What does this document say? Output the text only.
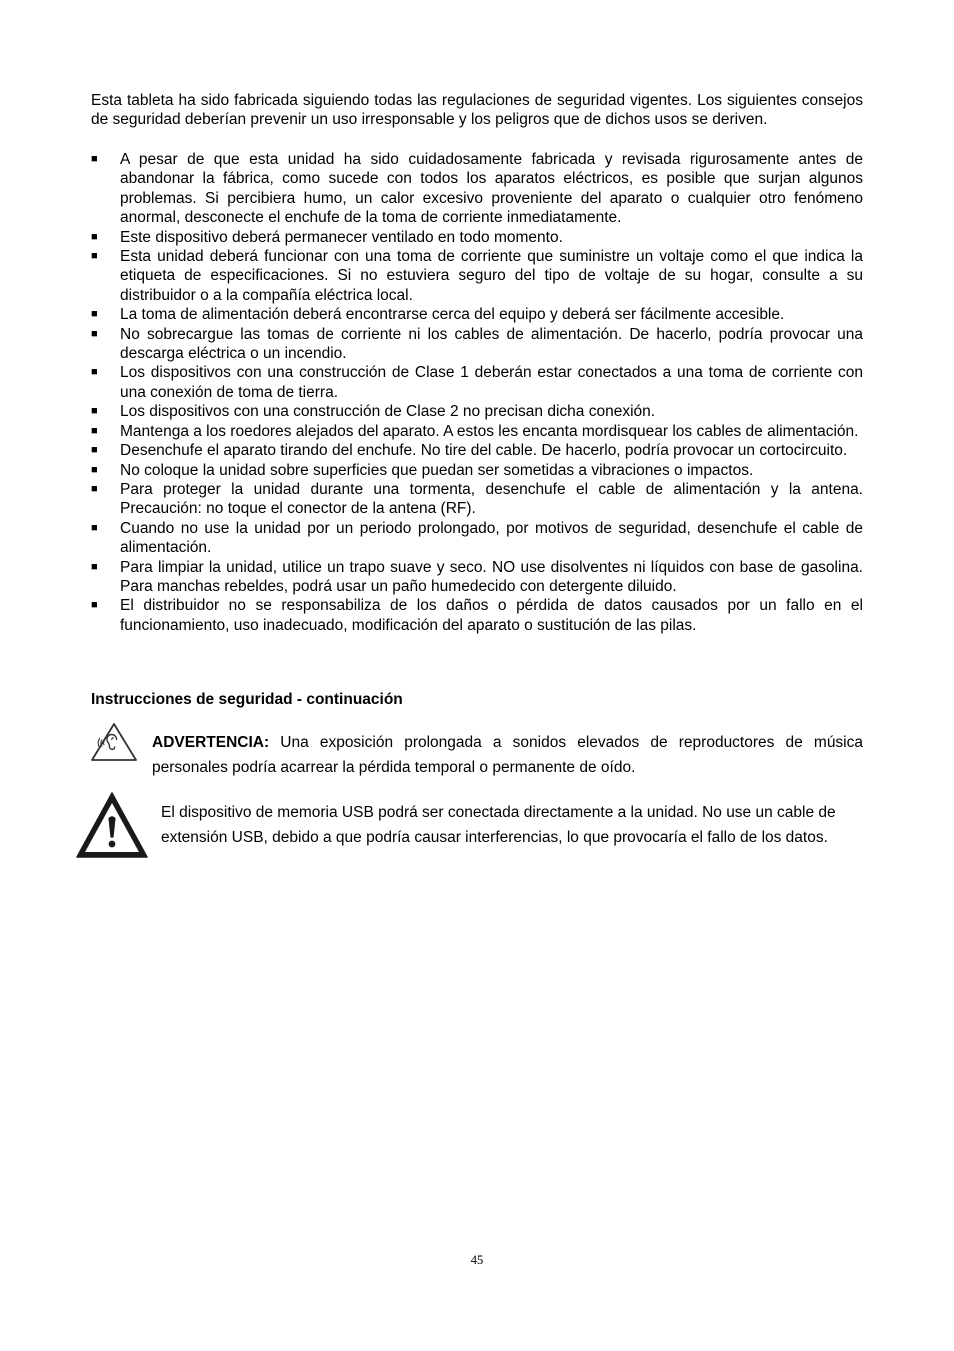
Esta tableta ha sido fabricada siguiendo todas las regulaciones de seguridad vigentes. Los siguientes consejos de seguridad deberían prevenir un uso irresponsable y los peligros que de dichos usos se deriven.

■	A pesar de que esta unidad ha sido cuidadosamente fabricada y revisada rigurosamente antes de abandonar la fábrica, como sucede con todos los aparatos eléctricos, es posible que surjan algunos problemas. Si percibiera humo, un calor excesivo proveniente del aparato o cualquier otro fenómeno anormal, desconecte el enchufe de la toma de corriente inmediatamente.
■	Este dispositivo deberá permanecer ventilado en todo momento.
■	Esta unidad deberá funcionar con una toma de corriente que suministre un voltaje como el que indica la etiqueta de especificaciones. Si no estuviera seguro del tipo de voltaje de su hogar, consulte a su distribuidor o a la compañía eléctrica local.
■	La toma de alimentación deberá encontrarse cerca del equipo y deberá ser fácilmente accesible.
■	No sobrecargue las tomas de corriente ni los cables de alimentación. De hacerlo, podría provocar una descarga eléctrica o un incendio.
■	Los dispositivos con una construcción de Clase 1 deberán estar conectados a una toma de corriente con una conexión de toma de tierra.
■	Los dispositivos con una construcción de Clase 2 no precisan dicha conexión.
■	Mantenga a los roedores alejados del aparato. A estos les encanta mordisquear los cables de alimentación.
■	Desenchufe el aparato tirando del enchufe. No tire del cable. De hacerlo, podría provocar un cortocircuito.
■	No coloque la unidad sobre superficies que puedan ser sometidas a vibraciones o impactos.
■	Para proteger la unidad durante una tormenta, desenchufe el cable de alimentación y la antena. Precaución: no toque el conector de la antena (RF).
■	Cuando no use la unidad por un periodo prolongado, por motivos de seguridad, desenchufe el cable de alimentación.
■	Para limpiar la unidad, utilice un trapo suave y seco. NO use disolventes ni líquidos con base de gasolina. Para manchas rebeldes, podrá usar un paño humedecido con detergente diluido.
■	El distribuidor no se responsabiliza de los daños o pérdida de datos causados por un fallo en el funcionamiento, uso inadecuado, modificación del aparato o sustitución de las pilas.
Instrucciones de seguridad - continuación

ADVERTENCIA: Una exposición prolongada a sonidos elevados de reproductores de música personales podría acarrear la pérdida temporal o permanente de oído.

El dispositivo de memoria USB podrá ser conectada directamente a la unidad. No use un cable de extensión USB, debido a que podría causar interferencias, lo que provocaría el fallo de los datos.

45
